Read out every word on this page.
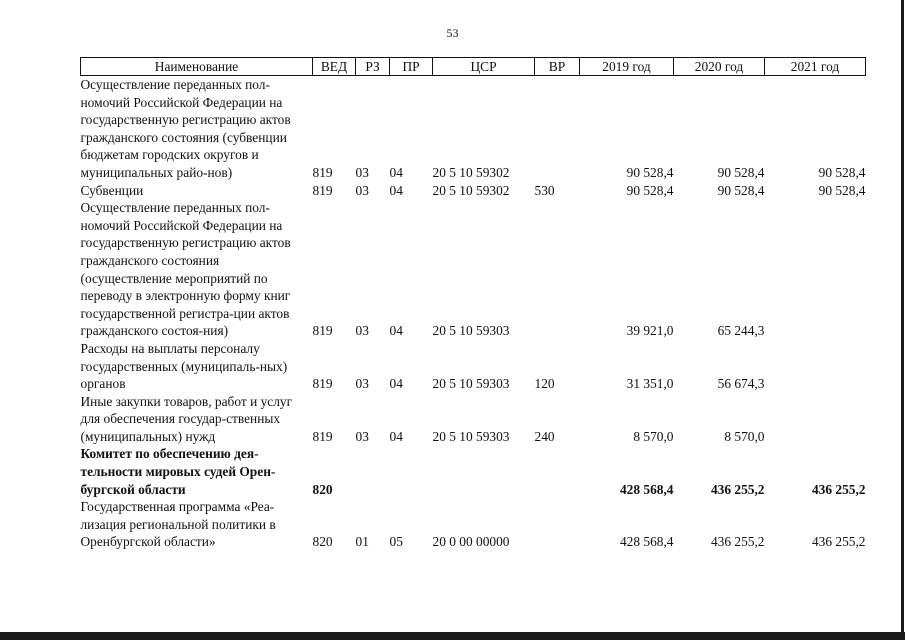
53
Наименование	ВЕД	РЗ	ПР	ЦСР	ВР	2019 год	2020 год	2021 год
Осуществление переданных пол-номочий Российской Федерации на государственную регистрацию актов гражданского состояния (субвенции бюджетам городских округов и муниципальных райо-нов)	819	03	04	20 5 10 59302		90 528,4	90 528,4	90 528,4
Субвенции	819	03	04	20 5 10 59302	530	90 528,4	90 528,4	90 528,4
Осуществление переданных пол-номочий Российской Федерации на государственную регистрацию актов гражданского состояния (осуществление мероприятий по переводу в электронную форму книг государственной регистра-ции актов гражданского состоя-ния)	819	03	04	20 5 10 59303		39 921,0	65 244,3	
Расходы на выплаты персоналу государственных (муниципаль-ных) органов	819	03	04	20 5 10 59303	120	31 351,0	56 674,3	
Иные закупки товаров, работ и услуг для обеспечения государ-ственных (муниципальных) нужд	819	03	04	20 5 10 59303	240	8 570,0	8 570,0	
Комитет по обеспечению дея-тельности мировых судей Орен-бургской области	820					428 568,4	436 255,2	436 255,2
Государственная программа «Реа-лизация региональной политики в Оренбургской области»	820	01	05	20 0 00 00000		428 568,4	436 255,2	436 255,2
